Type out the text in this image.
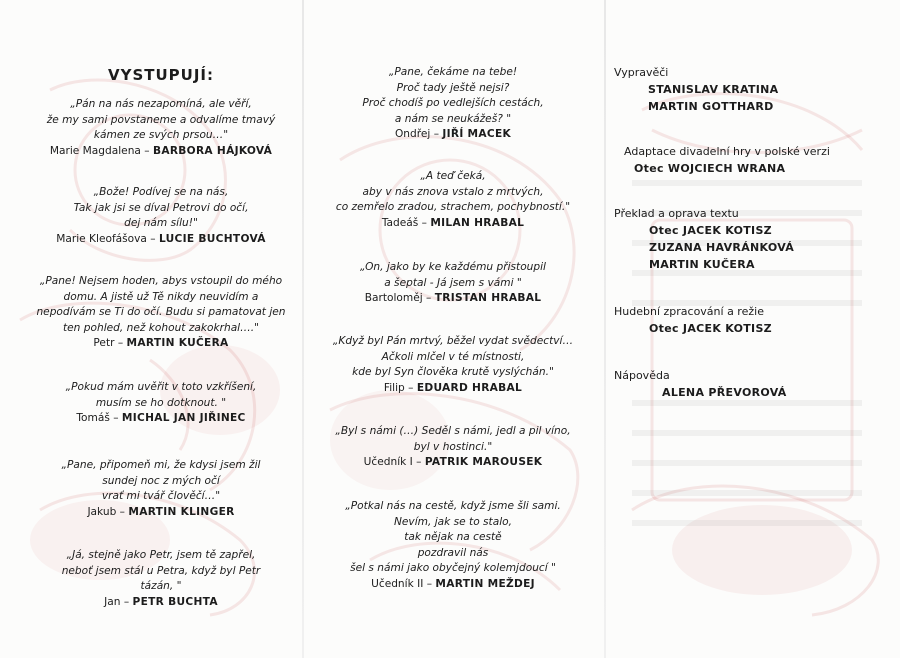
VYSTUPUJÍ:
„Pán na nás nezapomíná, ale věří,
že my sami povstaneme a odvalíme tmavý
kámen ze svých prsou…"
Marie Magdalena – BARBORA HÁJKOVÁ
„Bože! Podívej se na nás,
Tak jak jsi se díval Petrovi do očí,
dej nám sílu!"
Marie Kleofášova – LUCIE BUCHTOVÁ
„Pane! Nejsem hoden, abys vstoupil do mého
domu. A jistě už Tě nikdy neuvidím a
nepodívám se Ti do očí. Budu si pamatovat jen
ten pohled, než kohout zakokrhal…."
Petr – MARTIN KUČERA
„Pokud mám uvěřit v toto vzkříšení,
musím se ho dotknout. "
Tomáš – MICHAL JAN JIŘINEC
„Pane, připomeň mi, že kdysi jsem žil
sundej noc z mých očí
vrať mi tvář člověčí…"
Jakub – MARTIN KLINGER
„Já, stejně jako Petr, jsem tě zapřel,
neboť jsem stál u Petra, když byl Petr
tázán, "
Jan – PETR BUCHTA
„Pane, čekáme na tebe!
Proč tady ještě nejsi?
Proč chodíš po vedlejších cestách,
a nám se neukážeš? "
Ondřej – JIŘÍ MACEK
„A teď čeká,
aby v nás znova vstalo z mrtvých,
co zemřelo zradou, strachem, pochybností."
Tadeáš – MILAN HRABAL
„On, jako by ke každému přistoupil
a šeptal - Já jsem s vámi "
Bartoloměj – TRISTAN HRABAL
„Když byl Pán mrtvý, běžel vydat svědectví…
Ačkoli mlčel v té místnosti,
kde byl Syn člověka krutě vyslýchán."
Filip – EDUARD HRABAL
„Byl s námi (…) Seděl s námi, jedl a pil víno,
byl v hostinci."
Učedník I – PATRIK MAROUSEK
„Potkal nás na cestě, když jsme šli sami.
Nevím, jak se to stalo,
tak nějak na cestě
pozdravil nás
šel s námi jako obyčejný kolemjdoucí "
Učedník II – MARTIN MEŽDEJ
Vypravěči
STANISLAV KRATINA
MARTIN GOTTHARD
Adaptace divadelní hry v polské verzi
Otec WOJCIECH WRANA
Překlad a oprava textu
Otec JACEK KOTISZ
ZUZANA HAVRÁNKOVÁ
MARTIN KUČERA
Hudební zpracování a režie
Otec JACEK KOTISZ
Nápověda
ALENA PŘEVOROVÁ
